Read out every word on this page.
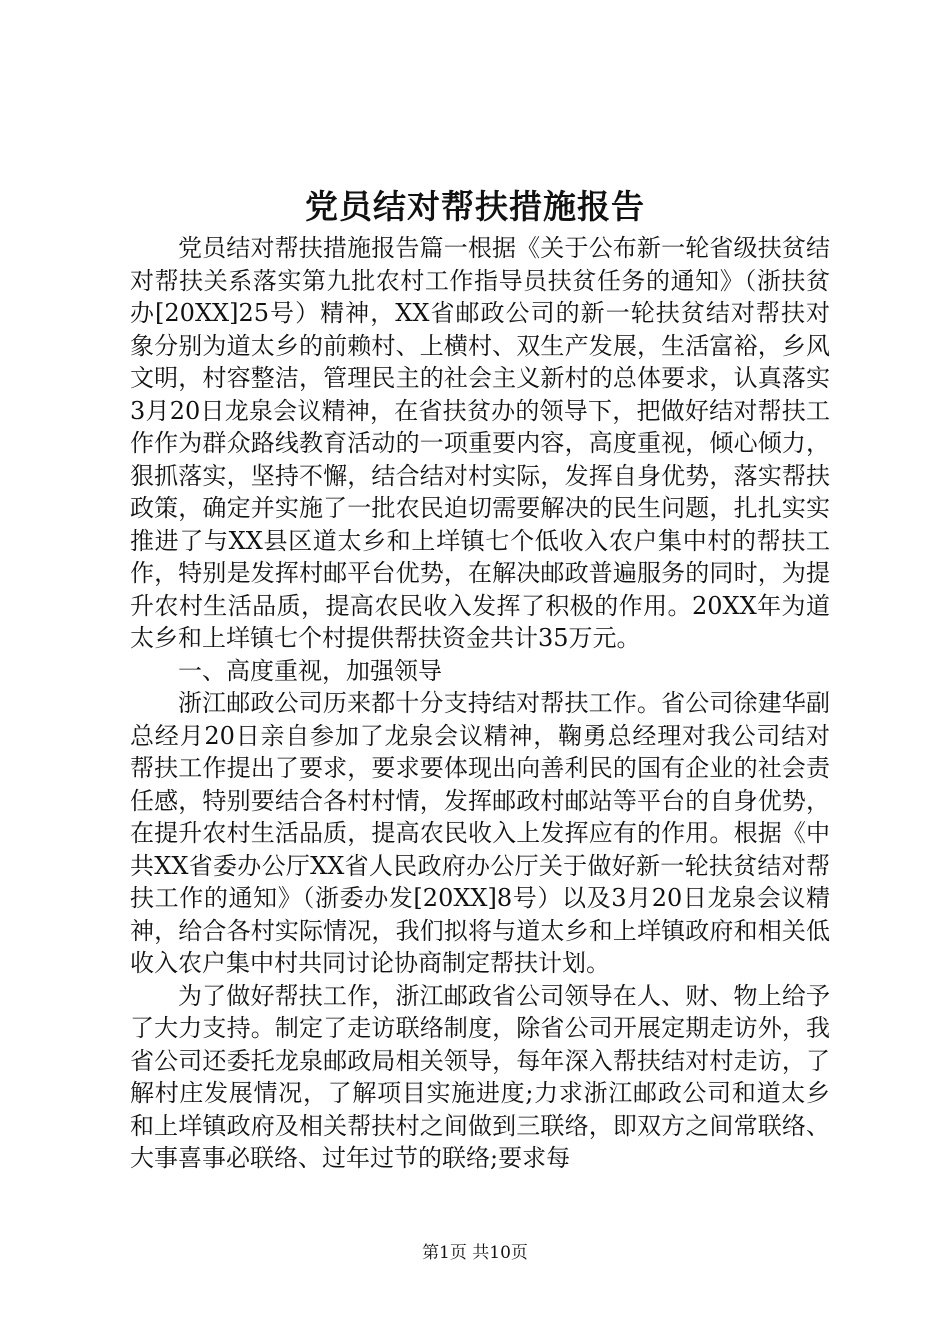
党员结对帮扶措施报告

党员结对帮扶措施报告篇一根据《关于公布新一轮省级扶贫结对帮扶关系落实第九批农村工作指导员扶贫任务的通知》（浙扶贫办[20XX]25号）精神，XX省邮政公司的新一轮扶贫结对帮扶对象分别为道太乡的前赖村、上横村、双生产发展，生活富裕，乡风文明，村容整洁，管理民主的社会主义新村的总体要求，认真落实3月20日龙泉会议精神，在省扶贫办的领导下，把做好结对帮扶工作作为群众路线教育活动的一项重要内容，高度重视，倾心倾力，狠抓落实，坚持不懈，结合结对村实际，发挥自身优势，落实帮扶政策，确定并实施了一批农民迫切需要解决的民生问题，扎扎实实推进了与XX县区道太乡和上垟镇七个低收入农户集中村的帮扶工作，特别是发挥村邮平台优势，在解决邮政普遍服务的同时，为提升农村生活品质，提高农民收入发挥了积极的作用。20XX年为道太乡和上垟镇七个村提供帮扶资金共计35万元。

一、高度重视，加强领导

浙江邮政公司历来都十分支持结对帮扶工作。省公司徐建华副总经月20日亲自参加了龙泉会议精神，鞠勇总经理对我公司结对帮扶工作提出了要求，要求要体现出向善利民的国有企业的社会责任感，特别要结合各村村情，发挥邮政村邮站等平台的自身优势，在提升农村生活品质，提高农民收入上发挥应有的作用。根据《中共XX省委办公厅XX省人民政府办公厅关于做好新一轮扶贫结对帮扶工作的通知》（浙委办发[20XX]8号）以及3月20日龙泉会议精神，给合各村实际情况，我们拟将与道太乡和上垟镇政府和相关低收入农户集中村共同讨论协商制定帮扶计划。

为了做好帮扶工作，浙江邮政省公司领导在人、财、物上给予了大力支持。制定了走访联络制度，除省公司开展定期走访外，我省公司还委托龙泉邮政局相关领导，每年深入帮扶结对村走访，了解村庄发展情况，了解项目实施进度;力求浙江邮政公司和道太乡和上垟镇政府及相关帮扶村之间做到三联络，即双方之间常联络、大事喜事必联络、过年过节的联络;要求每

第1页 共10页
